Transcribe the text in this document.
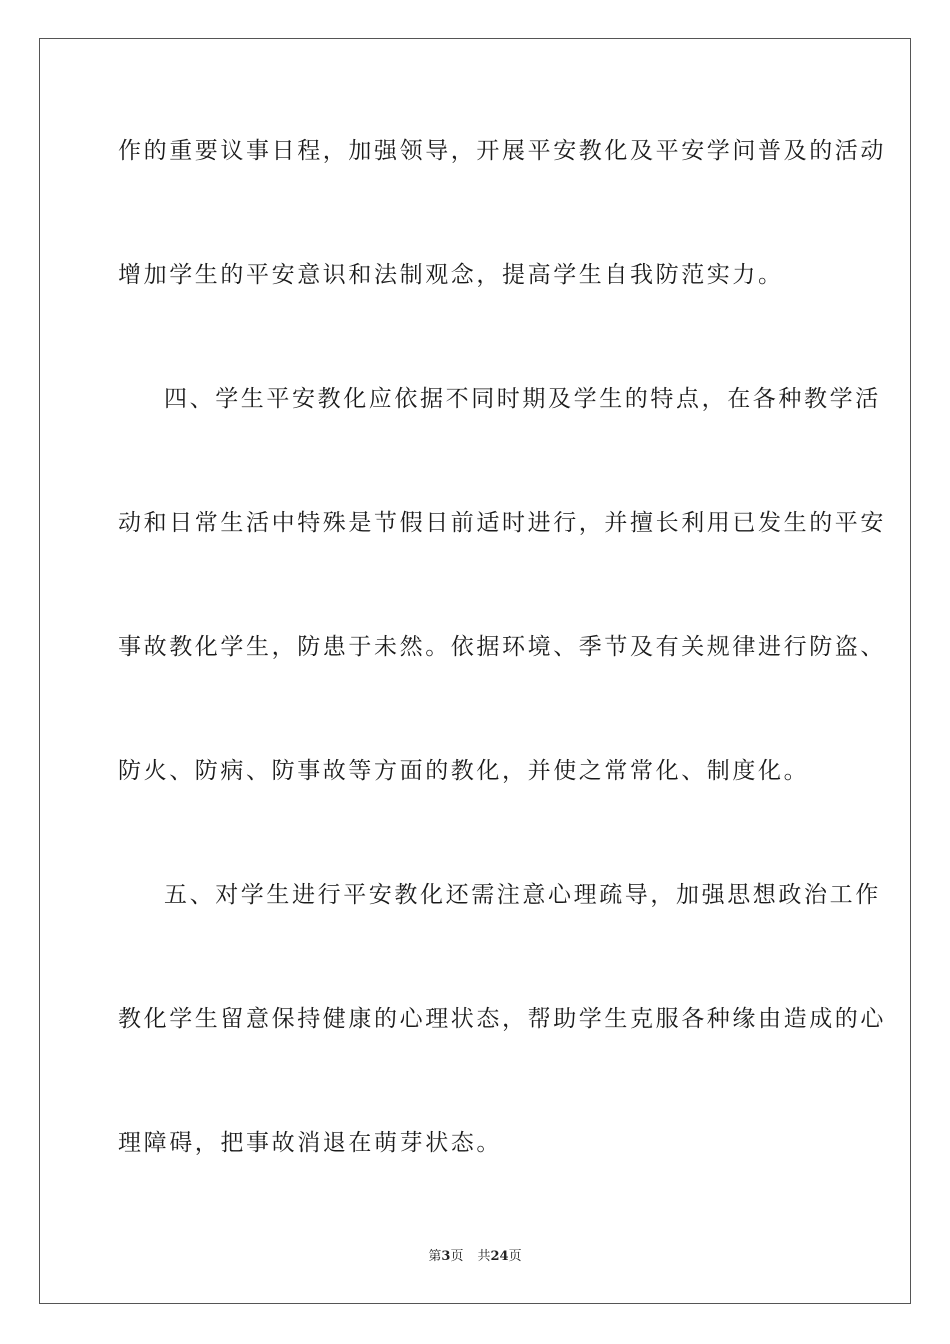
作的重要议事日程，加强领导，开展平安教化及平安学问普及的活动
增加学生的平安意识和法制观念，提高学生自我防范实力。
四、学生平安教化应依据不同时期及学生的特点，在各种教学活
动和日常生活中特殊是节假日前适时进行，并擅长利用已发生的平安
事故教化学生，防患于未然。依据环境、季节及有关规律进行防盗、
防火、防病、防事故等方面的教化，并使之常常化、制度化。
五、对学生进行平安教化还需注意心理疏导，加强思想政治工作
教化学生留意保持健康的心理状态，帮助学生克服各种缘由造成的心
理障碍，把事故消退在萌芽状态。
第3页 共24页
